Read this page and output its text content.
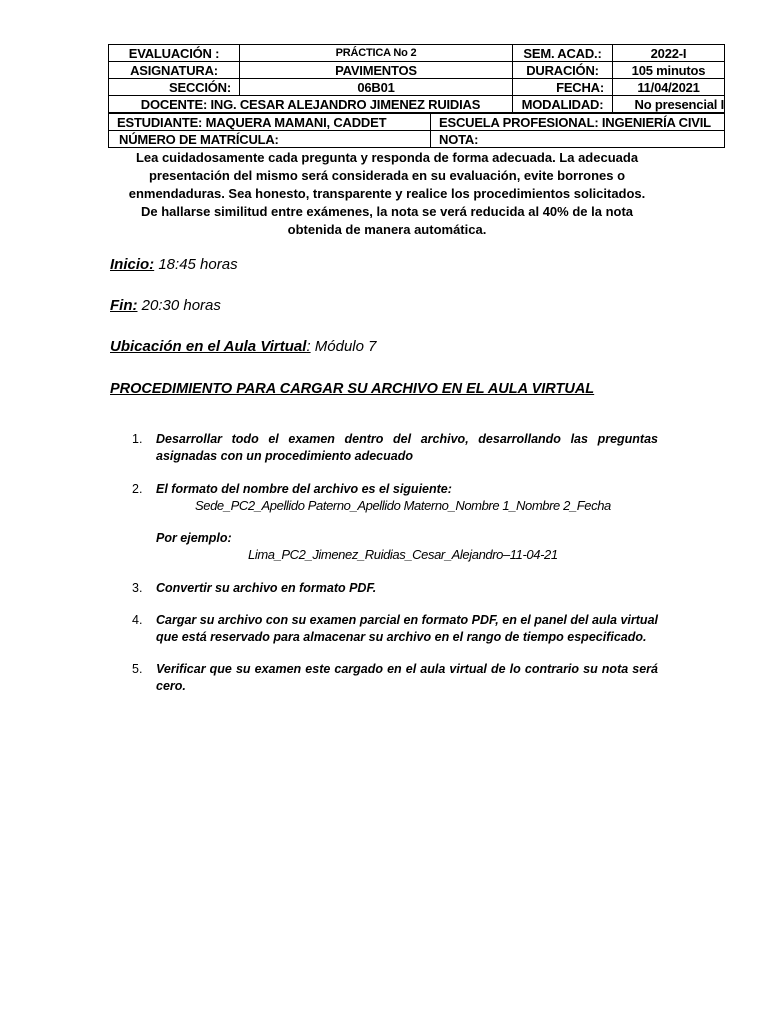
EVALUACIÓN :	PRÁCTICA No 2	SEM. ACAD.:	2022-I
ASIGNATURA:	PAVIMENTOS	DURACIÓN:	105 minutos
SECCIÓN:	06B01	FECHA:	11/04/2021
DOCENTE: ING. CESAR ALEJANDRO JIMENEZ RUIDIAS		MODALIDAD:	No presencial I
ESTUDIANTE: MAQUERA MAMANI, CADDET	ESCUELA PROFESIONAL: INGENIERÍA CIVIL
NÚMERO DE MATRÍCULA:	NOTA:
Lea cuidadosamente cada pregunta y responda de forma adecuada. La adecuada
presentación del mismo será considerada en su evaluación, evite borrones o
enmendaduras. Sea honesto, transparente y realice los procedimientos solicitados.
De hallarse similitud entre exámenes, la nota se verá reducida al 40% de la nota
obtenida de manera automática.
Inicio: 18:45 horas
Fin: 20:30 horas
Ubicación en el Aula Virtual: Módulo 7
PROCEDIMIENTO PARA CARGAR SU ARCHIVO EN EL AULA VIRTUAL
1. Desarrollar todo el examen dentro del archivo, desarrollando las preguntas asignadas con un procedimiento adecuado
2. El formato del nombre del archivo es el siguiente:
Sede_PC2_Apellido Paterno_Apellido Materno_Nombre 1_Nombre 2_Fecha
Por ejemplo:
Lima_PC2_Jimenez_Ruidias_Cesar_Alejandro–11-04-21
3. Convertir su archivo en formato PDF.
4. Cargar su archivo con su examen parcial en formato PDF, en el panel del aula virtual que está reservado para almacenar su archivo en el rango de tiempo especificado.
5. Verificar que su examen este cargado en el aula virtual de lo contrario su nota será cero.
